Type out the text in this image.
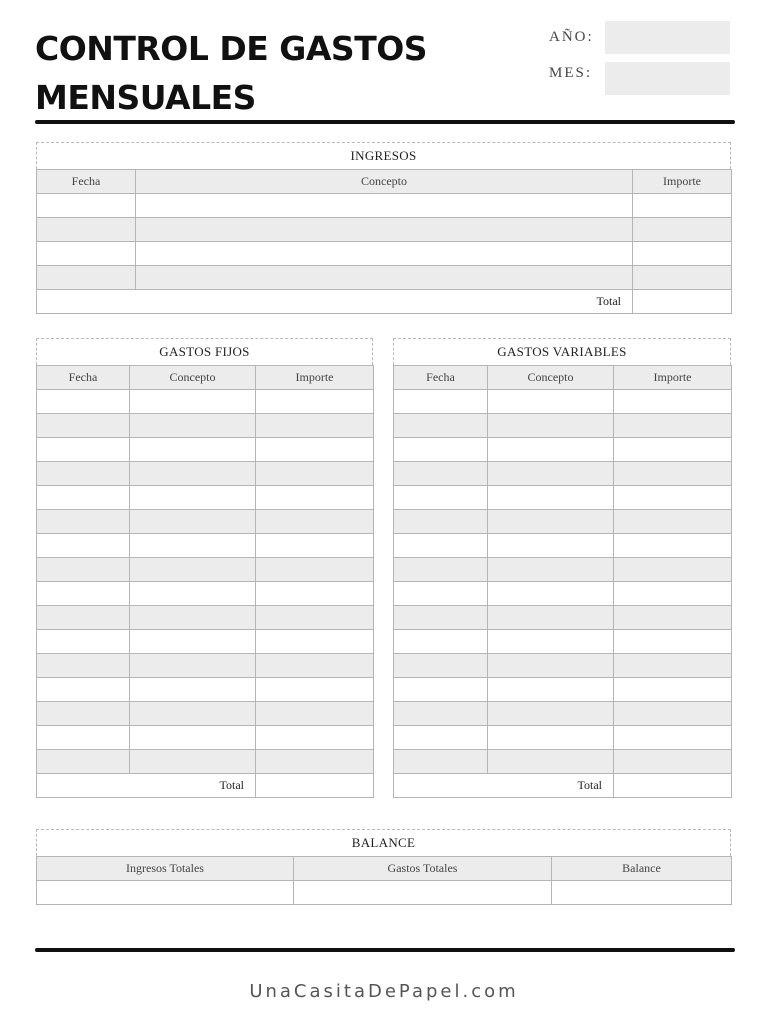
CONTROL DE GASTOS
MENSUALES
AÑO:
MES:
INGRESOS
Fecha	Concepto	Importe

Total		
GASTOS FIJOS
Fecha	Concepto	Importe

Total		
GASTOS VARIABLES
Fecha	Concepto	Importe

Total		
BALANCE
Ingresos Totales	Gastos Totales	Balance

UnaCasitaDePapel.com
